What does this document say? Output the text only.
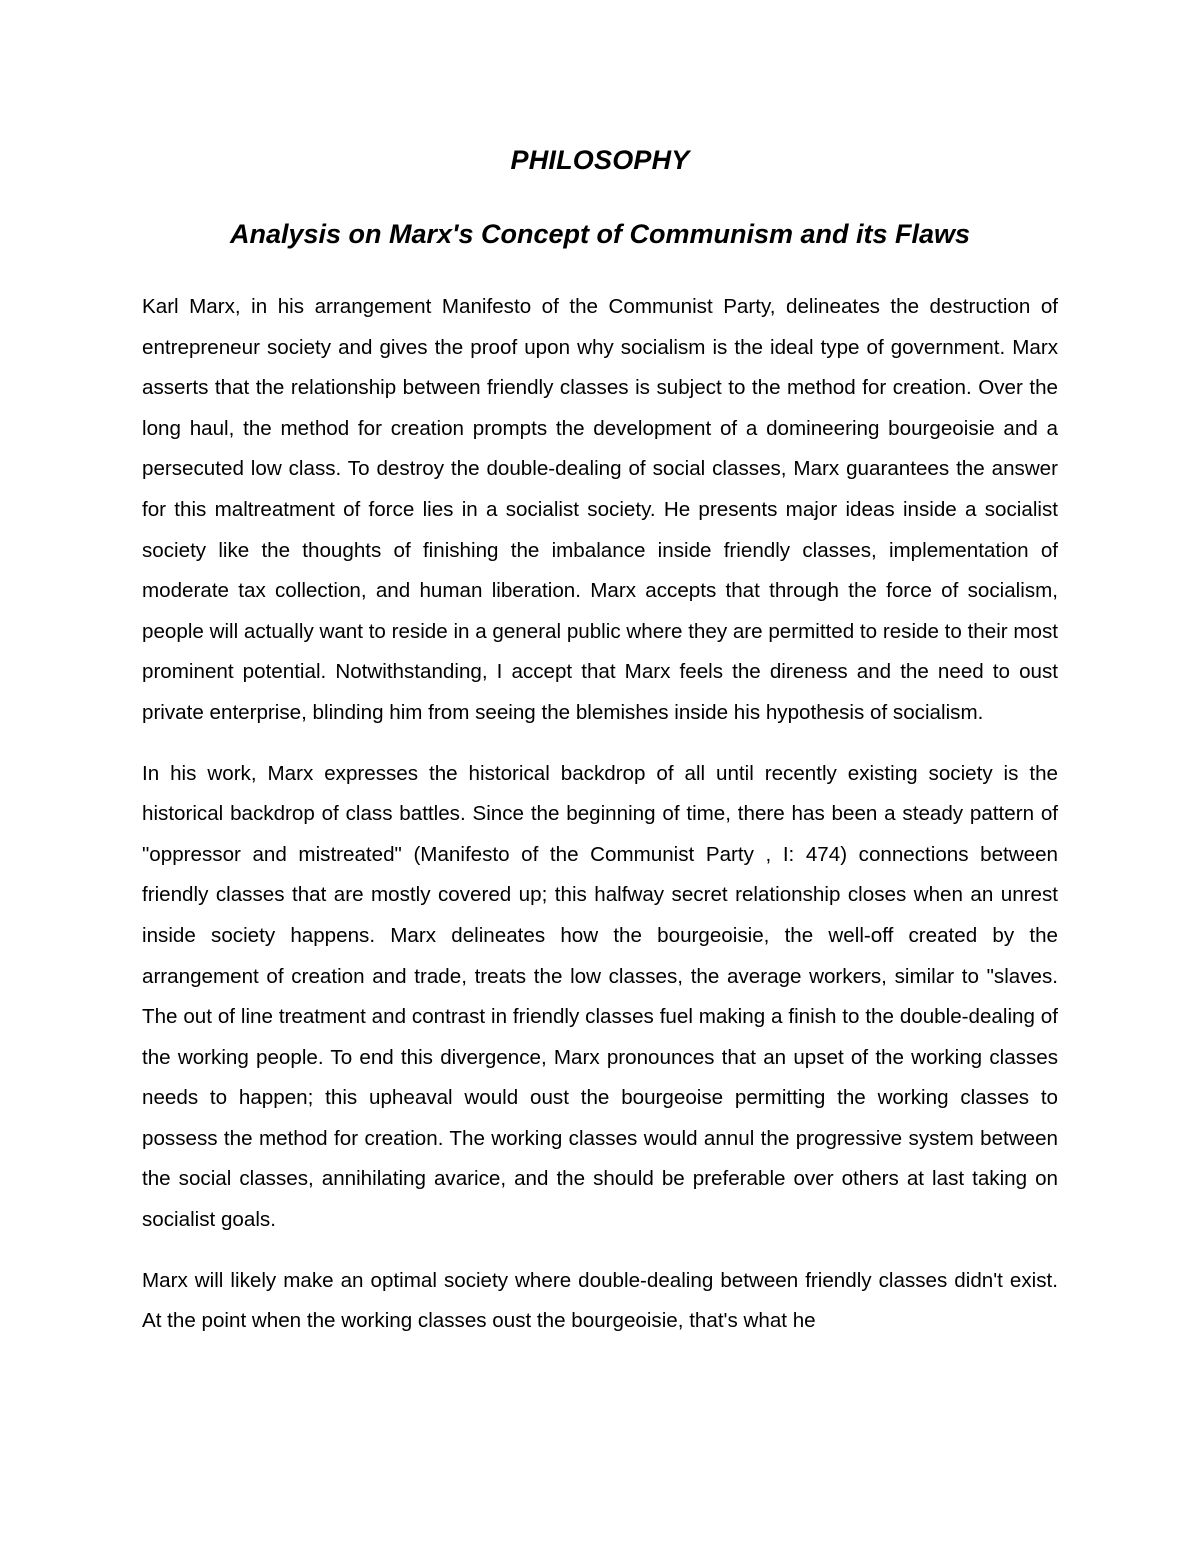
PHILOSOPHY
Analysis on Marx's Concept of Communism and its Flaws

Karl Marx, in his arrangement Manifesto of the Communist Party, delineates the destruction of entrepreneur society and gives the proof upon why socialism is the ideal type of government. Marx asserts that the relationship between friendly classes is subject to the method for creation. Over the long haul, the method for creation prompts the development of a domineering bourgeoisie and a persecuted low class. To destroy the double-dealing of social classes, Marx guarantees the answer for this maltreatment of force lies in a socialist society. He presents major ideas inside a socialist society like the thoughts of finishing the imbalance inside friendly classes, implementation of moderate tax collection, and human liberation. Marx accepts that through the force of socialism, people will actually want to reside in a general public where they are permitted to reside to their most prominent potential. Notwithstanding, I accept that Marx feels the direness and the need to oust private enterprise, blinding him from seeing the blemishes inside his hypothesis of socialism.

In his work, Marx expresses the historical backdrop of all until recently existing society is the historical backdrop of class battles. Since the beginning of time, there has been a steady pattern of "oppressor and mistreated" (Manifesto of the Communist Party , I: 474) connections between friendly classes that are mostly covered up; this halfway secret relationship closes when an unrest inside society happens. Marx delineates how the bourgeoisie, the well-off created by the arrangement of creation and trade, treats the low classes, the average workers, similar to "slaves. The out of line treatment and contrast in friendly classes fuel making a finish to the double-dealing of the working people. To end this divergence, Marx pronounces that an upset of the working classes needs to happen; this upheaval would oust the bourgeoise permitting the working classes to possess the method for creation. The working classes would annul the progressive system between the social classes, annihilating avarice, and the should be preferable over others at last taking on socialist goals.

Marx will likely make an optimal society where double-dealing between friendly classes didn't exist. At the point when the working classes oust the bourgeoisie, that's what he
